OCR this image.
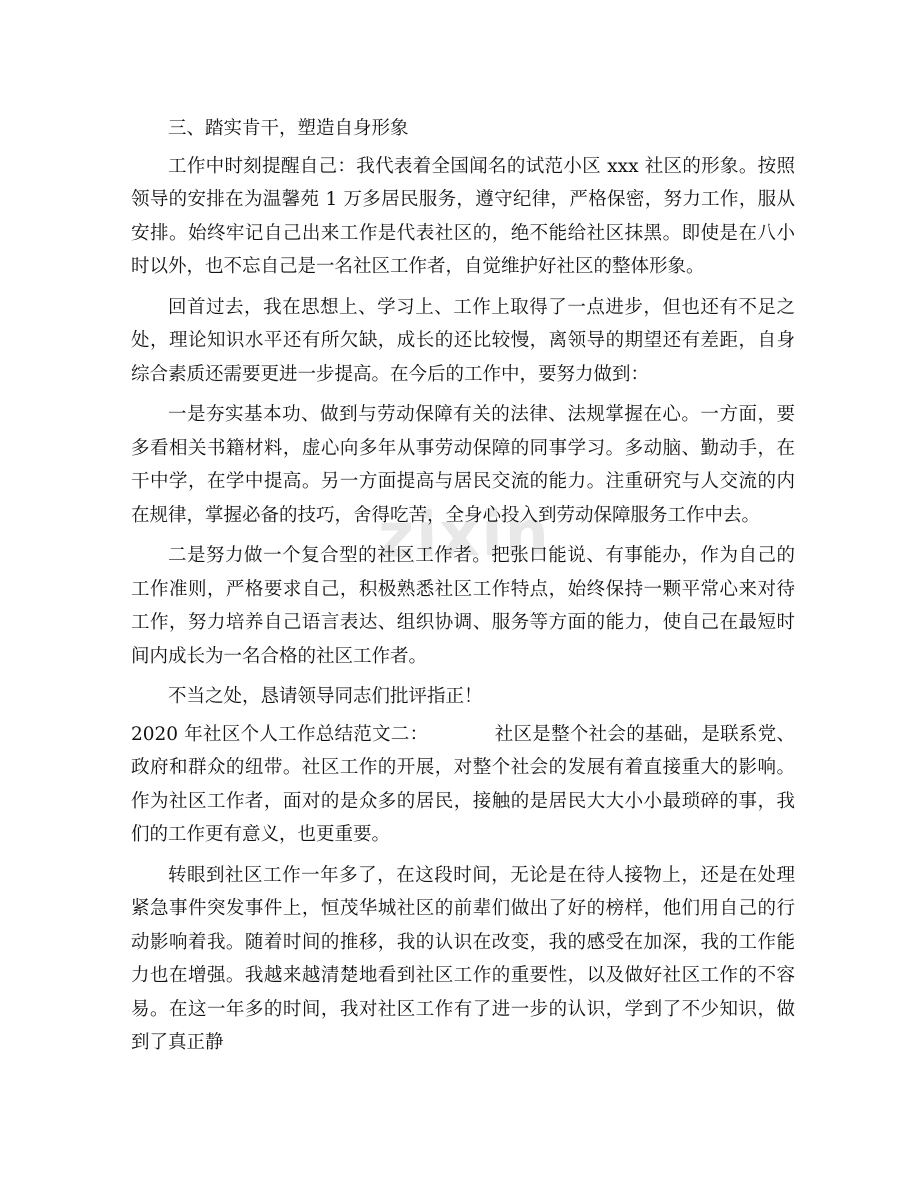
zixin

三、踏实肯干，塑造自身形象

工作中时刻提醒自己：我代表着全国闻名的试范小区 xxx 社区的形象。按照领导的安排在为温馨苑 1 万多居民服务，遵守纪律，严格保密，努力工作，服从安排。始终牢记自己出来工作是代表社区的，绝不能给社区抹黑。即使是在八小时以外，也不忘自己是一名社区工作者，自觉维护好社区的整体形象。

回首过去，我在思想上、学习上、工作上取得了一点进步，但也还有不足之处，理论知识水平还有所欠缺，成长的还比较慢，离领导的期望还有差距，自身综合素质还需要更进一步提高。在今后的工作中，要努力做到：

一是夯实基本功、做到与劳动保障有关的法律、法规掌握在心。一方面，要多看相关书籍材料，虚心向多年从事劳动保障的同事学习。多动脑、勤动手，在干中学，在学中提高。另一方面提高与居民交流的能力。注重研究与人交流的内在规律，掌握必备的技巧，舍得吃苦，全身心投入到劳动保障服务工作中去。

二是努力做一个复合型的社区工作者。把张口能说、有事能办，作为自己的工作准则，严格要求自己，积极熟悉社区工作特点，始终保持一颗平常心来对待工作，努力培养自己语言表达、组织协调、服务等方面的能力，使自己在最短时间内成长为一名合格的社区工作者。

不当之处，恳请领导同志们批评指正！

2020 年社区个人工作总结范文二：	社区是整个社会的基础，是联系党、政府和群众的纽带。社区工作的开展，对整个社会的发展有着直接重大的影响。作为社区工作者，面对的是众多的居民，接触的是居民大大小小最琐碎的事，我们的工作更有意义，也更重要。

转眼到社区工作一年多了，在这段时间，无论是在待人接物上，还是在处理紧急事件突发事件上，恒茂华城社区的前辈们做出了好的榜样，他们用自己的行动影响着我。随着时间的推移，我的认识在改变，我的感受在加深，我的工作能力也在增强。我越来越清楚地看到社区工作的重要性，以及做好社区工作的不容易。在这一年多的时间，我对社区工作有了进一步的认识，学到了不少知识，做到了真正静
